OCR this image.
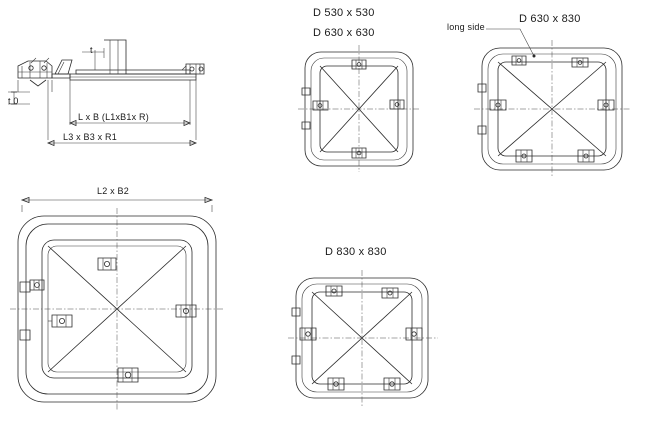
D 530 x 530
D 630 x 630
D 630 x 830
long side
D 830 x 830
t
t 0
L x B (L1xB1x R)
L3 x B3 x R1
L2 x B2
